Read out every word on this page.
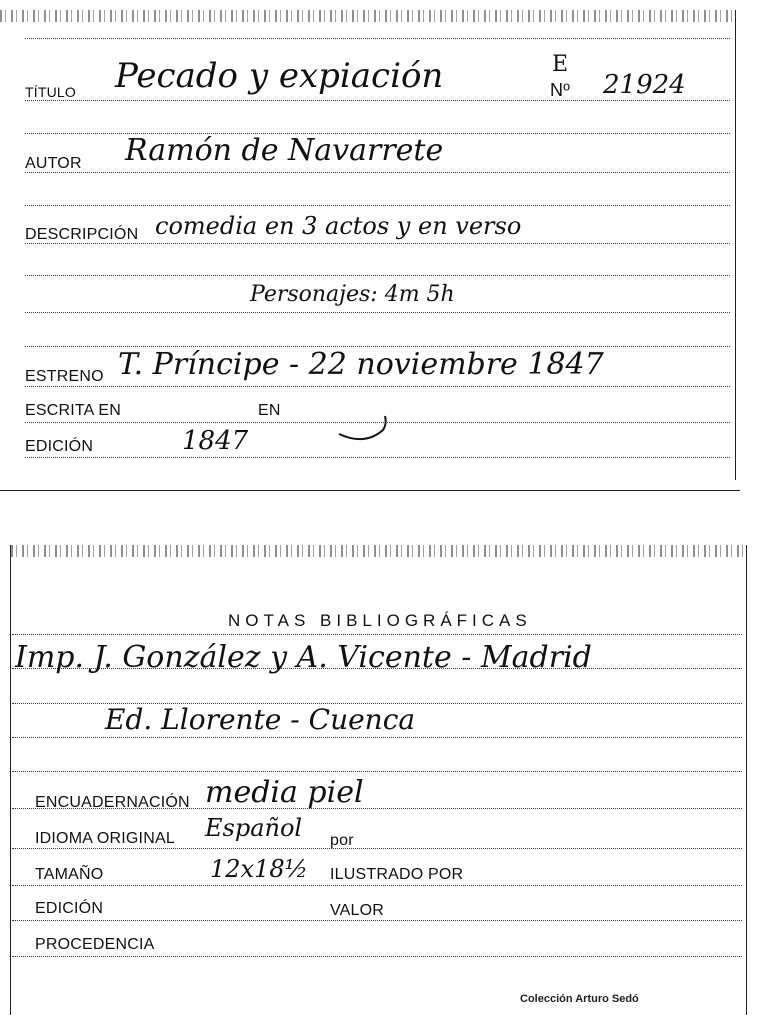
TÍTULO Pecado y expiación	E
Nº 21924
AUTOR Ramón de Navarrete
DESCRIPCIÓN comedia en 3 actos y en verso
Personajes: 4m 5h
ESTRENO T. Príncipe - 22 noviembre 1847
ESCRITA EN	EN
EDICIÓN	1847
NOTAS BIBLIOGRÁFICAS
Imp. J. González y A. Vicente - Madrid
Ed. Llorente - Cuenca
ENCUADERNACIÓN media piel
IDIOMA ORIGINAL Español por
TAMAÑO	12x18½ ILUSTRADO POR
EDICIÓN	VALOR
PROCEDENCIA
Colección Arturo Sedó
